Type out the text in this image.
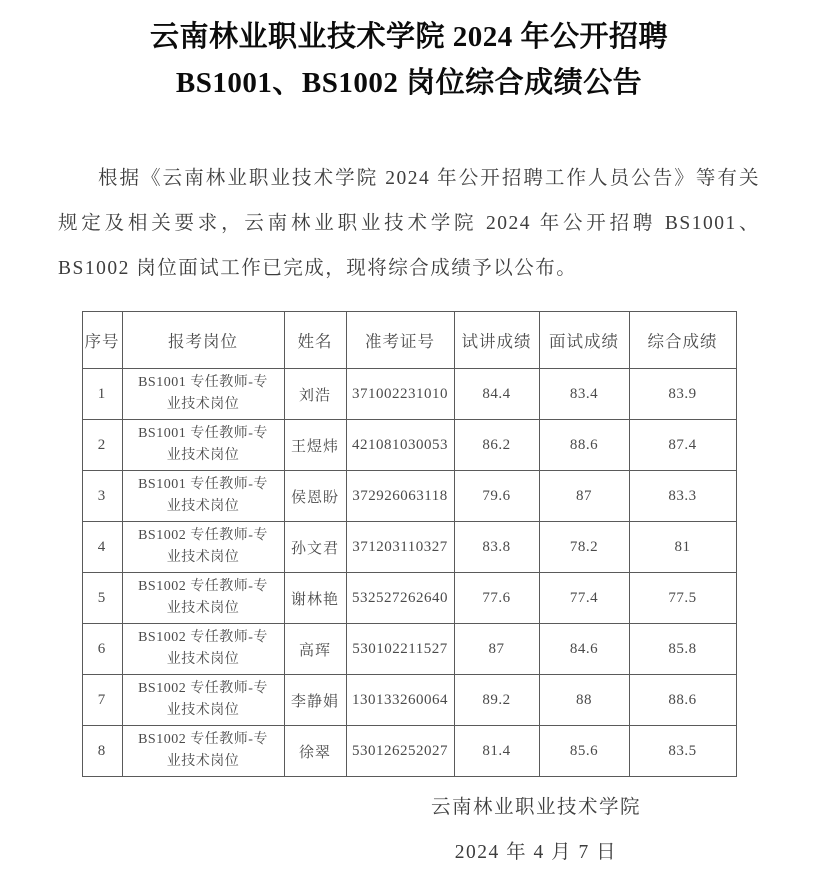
云南林业职业技术学院 2024 年公开招聘
BS1001、BS1002 岗位综合成绩公告
根据《云南林业职业技术学院 2024 年公开招聘工作人员公告》等有关规定及相关要求，云南林业职业技术学院 2024 年公开招聘 BS1001、BS1002 岗位面试工作已完成，现将综合成绩予以公布。
序号	报考岗位	姓名	准考证号	试讲成绩	面试成绩	综合成绩
1	BS1001 专任教师-专业技术岗位	刘浩	371002231010	84.4	83.4	83.9
2	BS1001 专任教师-专业技术岗位	王煜炜	421081030053	86.2	88.6	87.4
3	BS1001 专任教师-专业技术岗位	侯恩盼	372926063118	79.6	87	83.3
4	BS1002 专任教师-专业技术岗位	孙文君	371203110327	83.8	78.2	81
5	BS1002 专任教师-专业技术岗位	谢林艳	532527262640	77.6	77.4	77.5
6	BS1002 专任教师-专业技术岗位	高珲	530102211527	87	84.6	85.8
7	BS1002 专任教师-专业技术岗位	李静娟	130133260064	89.2	88	88.6
8	BS1002 专任教师-专业技术岗位	徐翠	530126252027	81.4	85.6	83.5
云南林业职业技术学院
2024 年 4 月 7 日
